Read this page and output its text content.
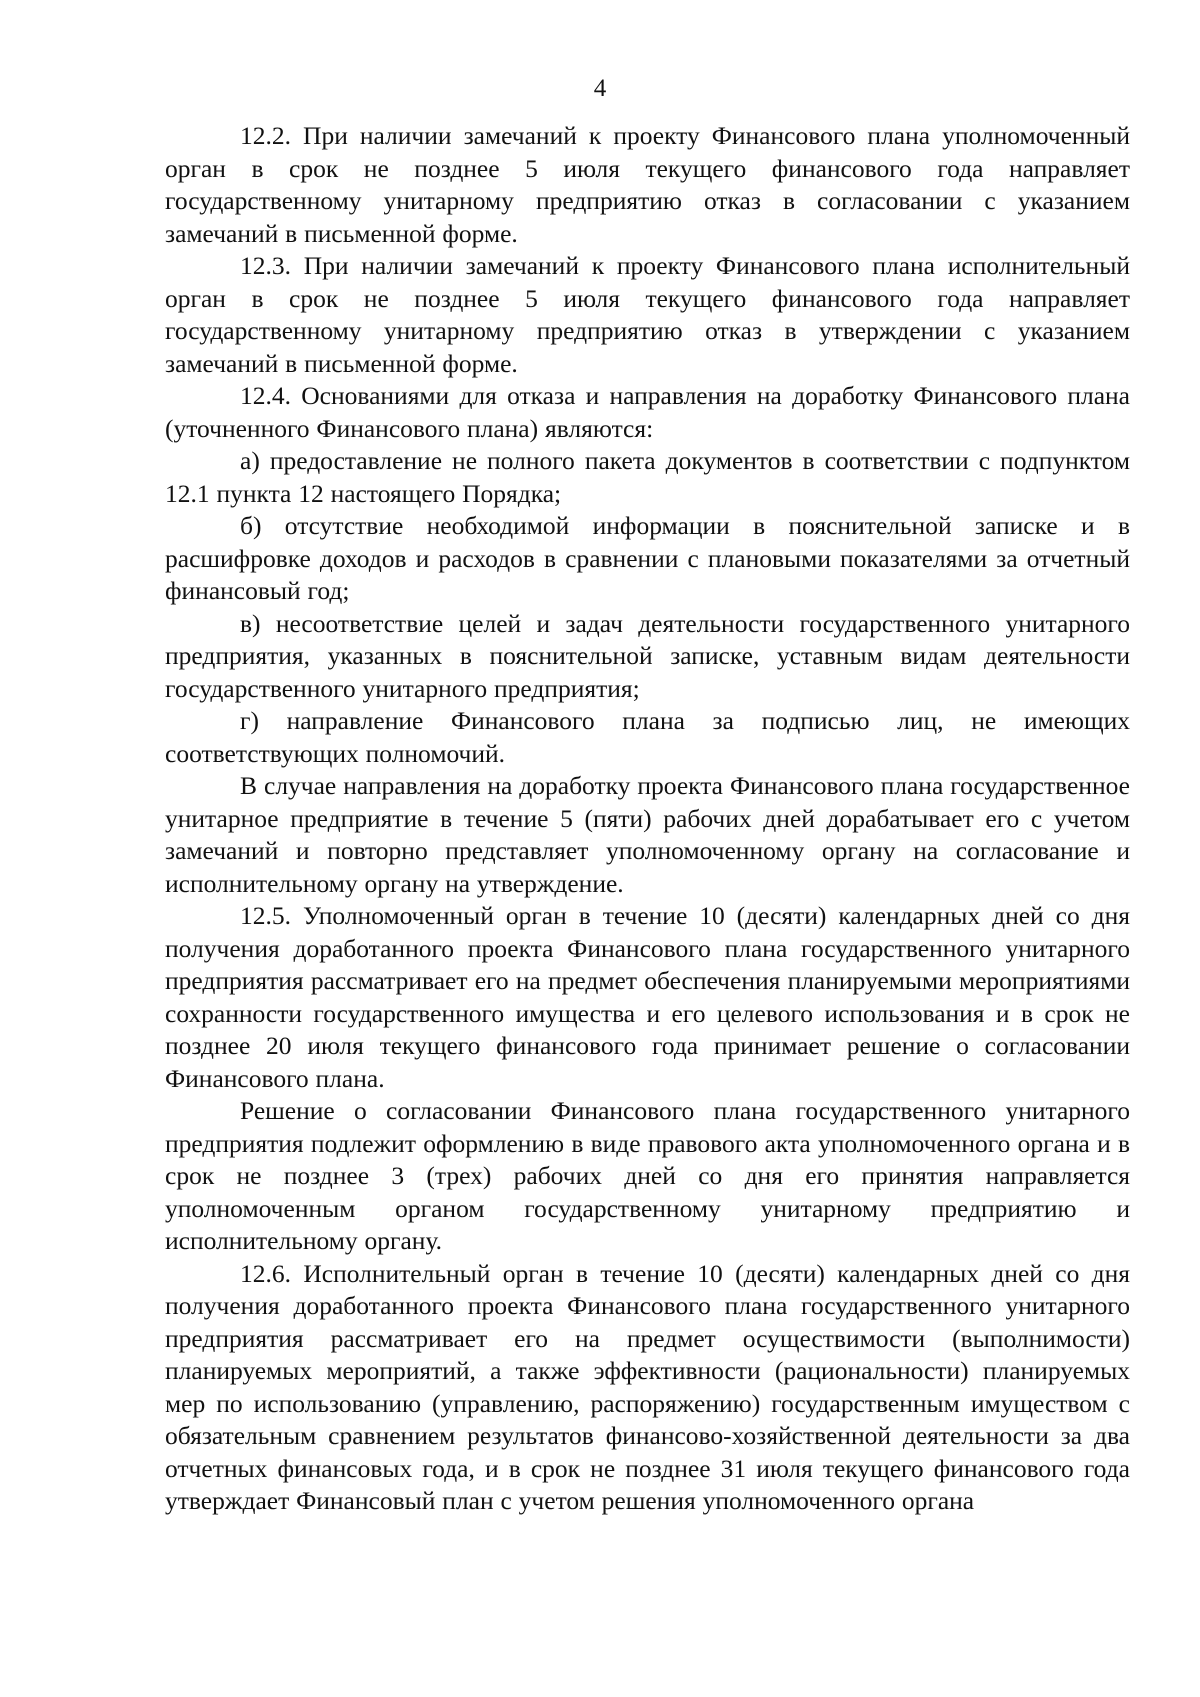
4

12.2. При наличии замечаний к проекту Финансового плана уполномоченный орган в срок не позднее 5 июля текущего финансового года направляет государственному унитарному предприятию отказ в согласовании с указанием замечаний в письменной форме.

12.3. При наличии замечаний к проекту Финансового плана исполнительный орган в срок не позднее 5 июля текущего финансового года направляет государственному унитарному предприятию отказ в утверждении с указанием замечаний в письменной форме.

12.4. Основаниями для отказа и направления на доработку Финансового плана (уточненного Финансового плана) являются:

а) предоставление не полного пакета документов в соответствии с подпунктом 12.1 пункта 12 настоящего Порядка;

б) отсутствие необходимой информации в пояснительной записке и в расшифровке доходов и расходов в сравнении с плановыми показателями за отчетный финансовый год;

в) несоответствие целей и задач деятельности государственного унитарного предприятия, указанных в пояснительной записке, уставным видам деятельности государственного унитарного предприятия;

г) направление Финансового плана за подписью лиц, не имеющих соответствующих полномочий.

В случае направления на доработку проекта Финансового плана государственное унитарное предприятие в течение 5 (пяти) рабочих дней дорабатывает его с учетом замечаний и повторно представляет уполномоченному органу на согласование и исполнительному органу на утверждение.

12.5. Уполномоченный орган в течение 10 (десяти) календарных дней со дня получения доработанного проекта Финансового плана государственного унитарного предприятия рассматривает его на предмет обеспечения планируемыми мероприятиями сохранности государственного имущества и его целевого использования и в срок не позднее 20 июля текущего финансового года принимает решение о согласовании Финансового плана.

Решение о согласовании Финансового плана государственного унитарного предприятия подлежит оформлению в виде правового акта уполномоченного органа и в срок не позднее 3 (трех) рабочих дней со дня его принятия направляется уполномоченным органом государственному унитарному предприятию и исполнительному органу.

12.6. Исполнительный орган в течение 10 (десяти) календарных дней со дня получения доработанного проекта Финансового плана государственного унитарного предприятия рассматривает его на предмет осуществимости (выполнимости) планируемых мероприятий, а также эффективности (рациональности) планируемых мер по использованию (управлению, распоряжению) государственным имуществом с обязательным сравнением результатов финансово-хозяйственной деятельности за два отчетных финансовых года, и в срок не позднее 31 июля текущего финансового года утверждает Финансовый план с учетом решения уполномоченного органа
